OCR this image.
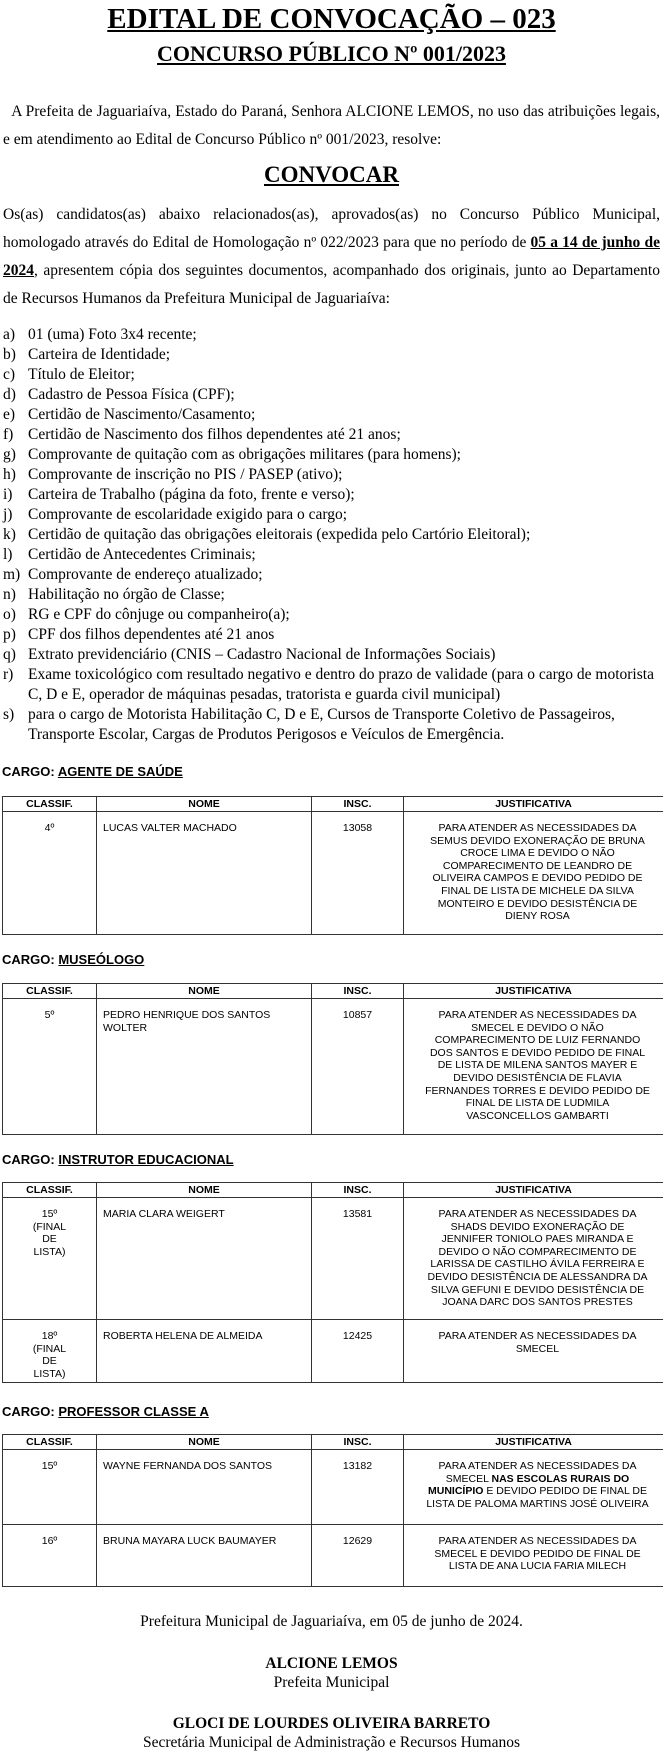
EDITAL DE CONVOCAÇÃO – 023
CONCURSO PÚBLICO Nº 001/2023
A Prefeita de Jaguariaíva, Estado do Paraná, Senhora ALCIONE LEMOS, no uso das atribuições legais, e em atendimento ao Edital de Concurso Público nº 001/2023, resolve:
CONVOCAR
Os(as) candidatos(as) abaixo relacionados(as), aprovados(as) no Concurso Público Municipal, homologado através do Edital de Homologação nº 022/2023 para que no período de 05 a 14 de junho de 2024, apresentem cópia dos seguintes documentos, acompanhado dos originais, junto ao Departamento de Recursos Humanos da Prefeitura Municipal de Jaguariaíva:
a) 01 (uma) Foto 3x4 recente;
b) Carteira de Identidade;
c) Título de Eleitor;
d) Cadastro de Pessoa Física (CPF);
e) Certidão de Nascimento/Casamento;
f) Certidão de Nascimento dos filhos dependentes até 21 anos;
g) Comprovante de quitação com as obrigações militares (para homens);
h) Comprovante de inscrição no PIS / PASEP (ativo);
i)	Carteira de Trabalho (página da foto, frente e verso);
j)	Comprovante de escolaridade exigido para o cargo;
k) Certidão de quitação das obrigações eleitorais (expedida pelo Cartório Eleitoral);
l)	Certidão de Antecedentes Criminais;
m) Comprovante de endereço atualizado;
n) Habilitação no órgão de Classe;
o) RG e CPF do cônjuge ou companheiro(a);
p) CPF dos filhos dependentes até 21 anos
q) Extrato previdenciário (CNIS – Cadastro Nacional de Informações Sociais)
r) Exame toxicológico com resultado negativo e dentro do prazo de validade (para o cargo de motorista C, D e E, operador de máquinas pesadas, tratorista e guarda civil municipal)
s) para o cargo de Motorista Habilitação C, D e E, Cursos de Transporte Coletivo de Passageiros, Transporte Escolar, Cargas de Produtos Perigosos e Veículos de Emergência.
CARGO: AGENTE DE SAÚDE
CLASSIF.	NOME	INSC.	JUSTIFICATIVA
4º	LUCAS VALTER MACHADO	13058	PARA ATENDER AS NECESSIDADES DA SEMUS DEVIDO EXONERAÇÃO DE BRUNA CROCE LIMA E DEVIDO O NÃO COMPARECIMENTO DE LEANDRO DE OLIVEIRA CAMPOS E DEVIDO PEDIDO DE FINAL DE LISTA DE MICHELE DA SILVA MONTEIRO E DEVIDO DESISTÊNCIA DE DIENY ROSA
CARGO: MUSEÓLOGO
CLASSIF.	NOME	INSC.	JUSTIFICATIVA
5º	PEDRO HENRIQUE DOS SANTOS WOLTER	10857	PARA ATENDER AS NECESSIDADES DA SMECEL E DEVIDO O NÃO COMPARECIMENTO DE LUIZ FERNANDO DOS SANTOS E DEVIDO PEDIDO DE FINAL DE LISTA DE MILENA SANTOS MAYER E DEVIDO DESISTÊNCIA DE FLAVIA FERNANDES TORRES E DEVIDO PEDIDO DE FINAL DE LISTA DE LUDMILA VASCONCELLOS GAMBARTI
CARGO: INSTRUTOR EDUCACIONAL
CLASSIF.	NOME	INSC.	JUSTIFICATIVA
15º (FINAL DE LISTA)	MARIA CLARA WEIGERT	13581	PARA ATENDER AS NECESSIDADES DA SHADS DEVIDO EXONERAÇÃO DE JENNIFER TONIOLO PAES MIRANDA E DEVIDO O NÃO COMPARECIMENTO DE LARISSA DE CASTILHO ÁVILA FERREIRA E DEVIDO DESISTÊNCIA DE ALESSANDRA DA SILVA GEFUNI E DEVIDO DESISTÊNCIA DE JOANA DARC DOS SANTOS PRESTES
18º (FINAL DE LISTA)	ROBERTA HELENA DE ALMEIDA	12425	PARA ATENDER AS NECESSIDADES DA SMECEL
CARGO: PROFESSOR CLASSE A
CLASSIF.	NOME	INSC.	JUSTIFICATIVA
15º	WAYNE FERNANDA DOS SANTOS	13182	PARA ATENDER AS NECESSIDADES DA SMECEL NAS ESCOLAS RURAIS DO MUNICÍPIO E DEVIDO PEDIDO DE FINAL DE LISTA DE PALOMA MARTINS JOSÉ OLIVEIRA
16º	BRUNA MAYARA LUCK BAUMAYER	12629	PARA ATENDER AS NECESSIDADES DA SMECEL E DEVIDO PEDIDO DE FINAL DE LISTA DE ANA LUCIA FARIA MILECH
Prefeitura Municipal de Jaguariaíva, em 05 de junho de 2024.
ALCIONE LEMOS
Prefeita Municipal
GLOCI DE LOURDES OLIVEIRA BARRETO
Secretária Municipal de Administração e Recursos Humanos
